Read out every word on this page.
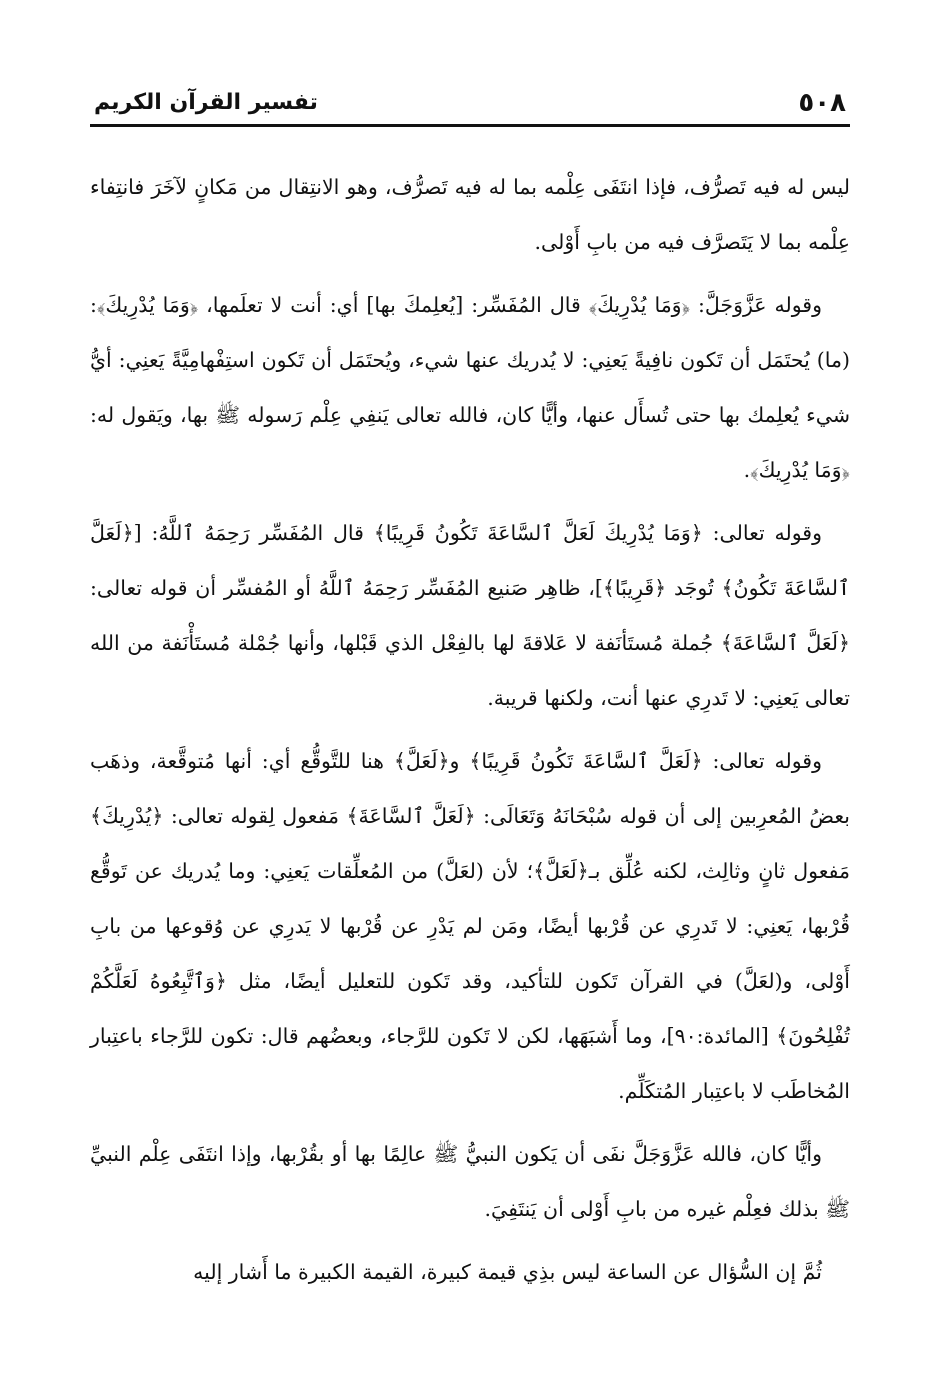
٥٠٨
تفسير القرآن الكريم

ليس له فيه تَصرُّف، فإذا انتَفَى عِلْمه بما له فيه تَصرُّف، وهو الانتِقال من مَكانٍ لآخَرَ فانتِفاء عِلْمه بما لا يَتَصرَّف فيه من بابِ أَوْلى.

وقوله عَزَّوَجَلَّ: ﴿وَمَا يُدْرِيكَ﴾ قال المُفَسِّر: [يُعلِمكَ بها] أي: أنت لا تعلَمها، ﴿وَمَا يُدْرِيكَ﴾: (ما) يُحتَمَل أن تَكون نافِيةً يَعنِي: لا يُدريك عنها شيء، ويُحتَمَل أن تَكون استِفْهامِيَّةً يَعنِي: أيُّ شيء يُعلِمك بها حتى تُسأَل عنها، وأيًّا كان، فالله تعالى يَنفِي عِلْم رَسوله ﷺ بها، ويَقول له: ﴿وَمَا يُدْرِيكَ﴾.

وقوله تعالى: ﴿وَمَا يُدْرِيكَ لَعَلَّ ٱلسَّاعَةَ تَكُونُ قَرِيبًا﴾ قال المُفَسِّر رَحِمَهُ ٱللَّهُ: [﴿لَعَلَّ ٱلسَّاعَةَ تَكُونُ﴾ تُوجَد ﴿قَرِيبًا﴾]، ظاهِر صَنيع المُفَسِّر رَحِمَهُ ٱللَّهُ أو المُفسِّر أن قوله تعالى: ﴿لَعَلَّ ٱلسَّاعَةَ﴾ جُملة مُستَأنَفة لا عَلاقةَ لها بالفِعْل الذي قَبْلها، وأنها جُمْلة مُستَأْنَفة من الله تعالى يَعنِي: لا تَدرِي عنها أنت، ولكنها قريبة.

وقوله تعالى: ﴿لَعَلَّ ٱلسَّاعَةَ تَكُونُ قَرِيبًا﴾ و﴿لَعَلَّ﴾ هنا للتَّوقُّع أي: أنها مُتوقَّعة، وذهَب بعضُ المُعرِبين إلى أن قوله سُبْحَانَهُ وَتَعَالَى: ﴿لَعَلَّ ٱلسَّاعَةَ﴾ مَفعول لِقوله تعالى: ﴿يُدْرِيكَ﴾ مَفعول ثانٍ وثالِث، لكنه عُلِّق بـ﴿لَعَلَّ﴾؛ لأن (لعَلَّ) من المُعلِّقات يَعنِي: وما يُدريك عن تَوقُّع قُرْبها، يَعنِي: لا تَدرِي عن قُرْبها أيضًا، ومَن لم يَدْرِ عن قُرْبها لا يَدرِي عن وُقوعها من بابِ أَوْلى، و(لعَلَّ) في القرآن تَكون للتأكيد، وقد تَكون للتعليل أيضًا، مثل ﴿وَٱتَّبِعُوهُ لَعَلَّكُمْ تُفْلِحُونَ﴾ [المائدة:٩٠]، وما أَشبَهَها، لكن لا تَكون للرَّجاء، وبعضُهم قال: تكون للرَّجاء باعتِبار المُخاطَب لا باعتِبار المُتكَلِّم.

وأيًّا كان، فالله عَزَّوَجَلَّ نفَى أن يَكون النبيُّ ﷺ عالِمًا بها أو بقُرْبها، وإذا انتَفَى عِلْم النبيِّ ﷺ بذلك فعِلْم غيره من بابِ أَوْلى أن يَنتَفِيَ.

ثُمَّ إن السُّؤال عن الساعة ليس بذِي قيمة كبيرة، القيمة الكبيرة ما أَشار إليه
